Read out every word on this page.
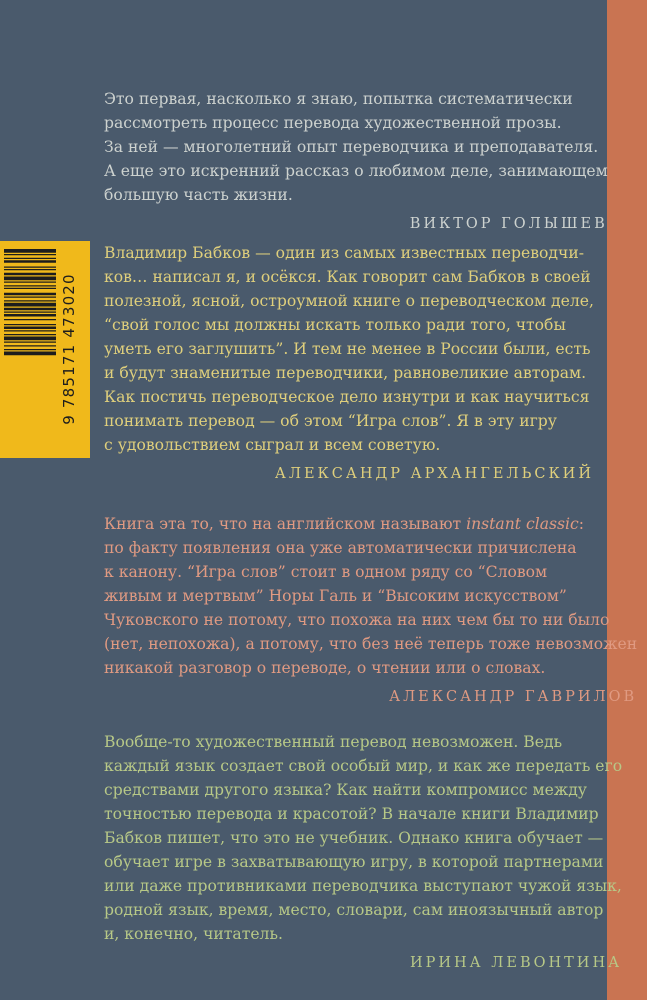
9 785171 473020

Это первая, насколько я знаю, попытка систематически

рассмотреть процесс перевода художественной прозы.

За ней — многолетний опыт переводчика и преподавателя.

А еще это искренний рассказ о любимом деле, занимающем

большую часть жизни.

ВИКТОР ГОЛЫШЕВ

Владимир Бабков — один из самых известных переводчи-

ков… написал я, и осёкся. Как говорит сам Бабков в своей

полезной, ясной, остроумной книге о переводческом деле,

“свой голос мы должны искать только ради того, чтобы

уметь его заглушить”. И тем не менее в России были, есть

и будут знаменитые переводчики, равновеликие авторам.

Как постичь переводческое дело изнутри и как научиться

понимать перевод — об этом “Игра слов”. Я в эту игру

с удовольствием сыграл и всем советую.

АЛЕКСАНДР АРХАНГЕЛЬСКИЙ

Книга эта то, что на английском называют instant classic:

по факту появления она уже автоматически причислена

к канону. “Игра слов” стоит в одном ряду со “Словом

живым и мертвым” Норы Галь и “Высоким искусством”

Чуковского не потому, что похожа на них чем бы то ни было

(нет, непохожа), а потому, что без неё теперь тоже невозможен

никакой разговор о переводе, о чтении или о словах.

АЛЕКСАНДР ГАВРИЛОВ

Вообще-то художественный перевод невозможен. Ведь

каждый язык создает свой особый мир, и как же передать его

средствами другого языка? Как найти компромисс между

точностью перевода и красотой? В начале книги Владимир

Бабков пишет, что это не учебник. Однако книга обучает —

обучает игре в захватывающую игру, в которой партнерами

или даже противниками переводчика выступают чужой язык,

родной язык, время, место, словари, сам иноязычный автор

и, конечно, читатель.

ИРИНА ЛЕВОНТИНА
